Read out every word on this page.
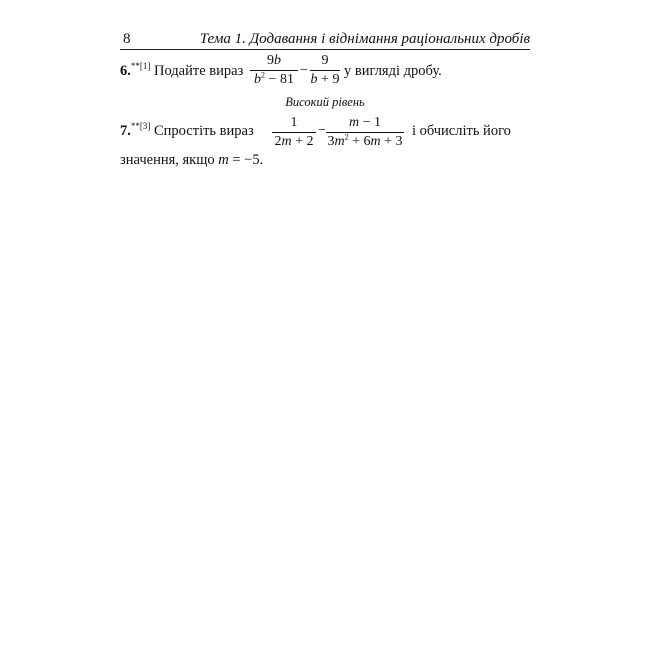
8	Тема 1. Додавання і віднімання раціональних дробів
6.$^{**[1]}$ Подайте вираз
9b
$b^2 - 81$
−
9
b + 9
у вигляді дробу.
Високий рівень
7.$^{**[3]}$ Спростіть вираз
1
2m + 2
−
m − 1
$3m^2 + 6m + 3$
і обчисліть його
значення, якщо m = −5.
